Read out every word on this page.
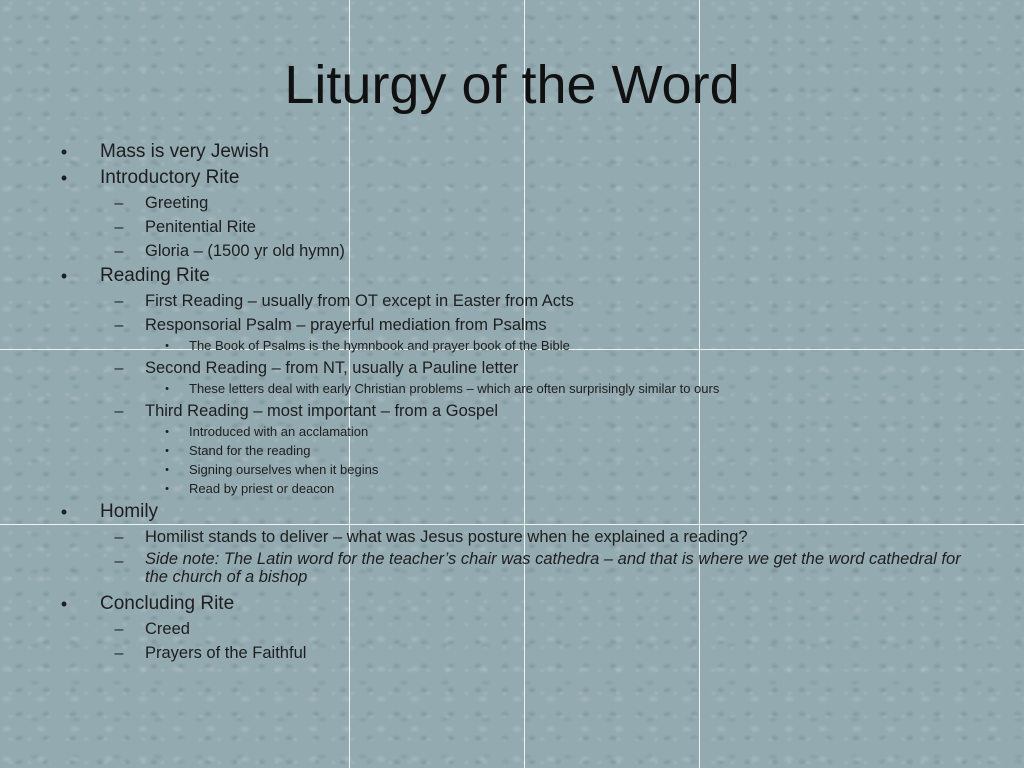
Liturgy of the Word
• Mass is very Jewish
• Introductory Rite
– Greeting
– Penitential Rite
– Gloria – (1500 yr old hymn)
• Reading Rite
– First Reading – usually from OT except in Easter from Acts
– Responsorial Psalm – prayerful mediation from Psalms
•	The Book of Psalms is the hymnbook and prayer book of the Bible
– Second Reading – from NT, usually a Pauline letter
•	These letters deal with early Christian problems – which are often surprisingly similar to ours
– Third Reading – most important – from a Gospel
•	Introduced with an acclamation
•	Stand for the reading
•	Signing ourselves when it begins
•	Read by priest or deacon
• Homily
– Homilist stands to deliver – what was Jesus posture when he explained a reading?
– Side note: The Latin word for the teacher’s chair was cathedra – and that is where we get the word cathedral for the church of a bishop
• Concluding Rite
– Creed
– Prayers of the Faithful
